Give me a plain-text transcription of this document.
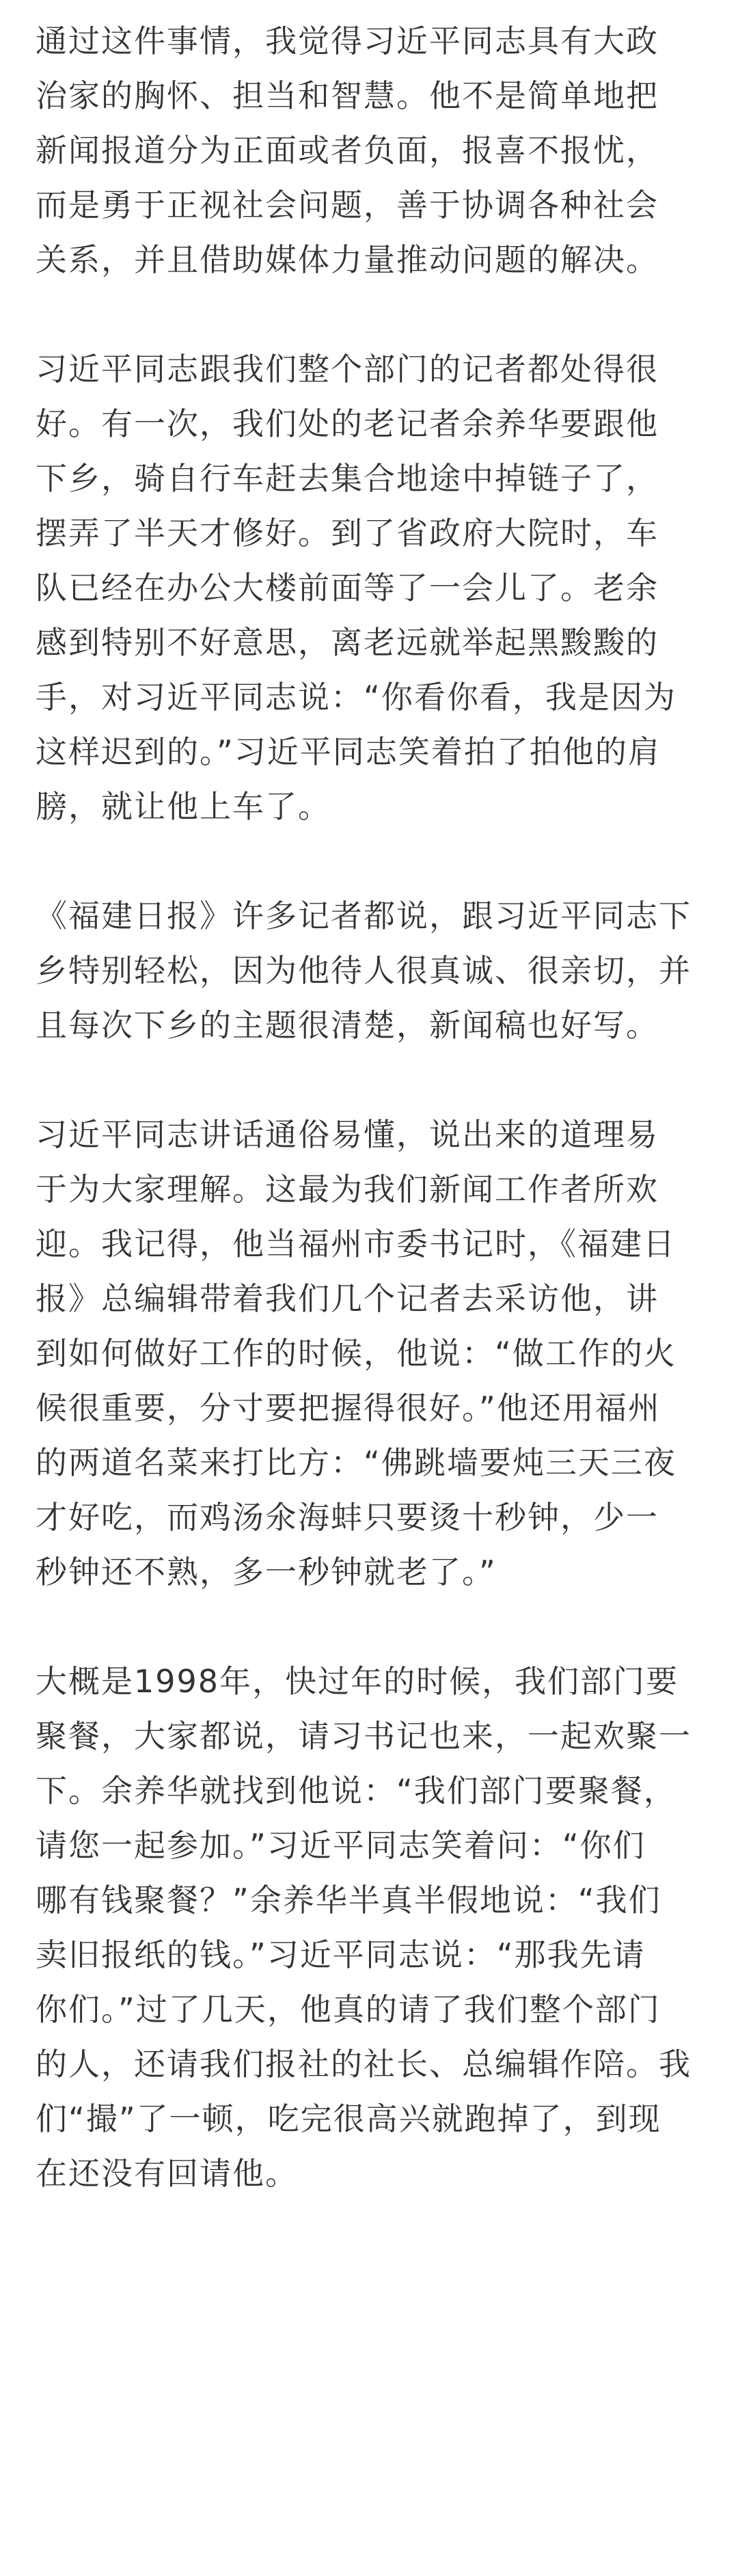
通过这件事情，我觉得习近平同志具有大政
治家的胸怀、担当和智慧。他不是简单地把
新闻报道分为正面或者负面，报喜不报忧，
而是勇于正视社会问题，善于协调各种社会
关系，并且借助媒体力量推动问题的解决。
习近平同志跟我们整个部门的记者都处得很
好。有一次，我们处的老记者余养华要跟他
下乡，骑自行车赶去集合地途中掉链子了，
摆弄了半天才修好。到了省政府大院时，车
队已经在办公大楼前面等了一会儿了。老余
感到特别不好意思，离老远就举起黑黢黢的
手，对习近平同志说：“你看你看，我是因为
这样迟到的。”习近平同志笑着拍了拍他的肩
膀，就让他上车了。
《福建日报》许多记者都说，跟习近平同志下
乡特别轻松，因为他待人很真诚、很亲切，并
且每次下乡的主题很清楚，新闻稿也好写。
习近平同志讲话通俗易懂，说出来的道理易
于为大家理解。这最为我们新闻工作者所欢
迎。我记得，他当福州市委书记时，《福建日
报》总编辑带着我们几个记者去采访他，讲
到如何做好工作的时候，他说：“做工作的火
候很重要，分寸要把握得很好。”他还用福州
的两道名菜来打比方：“佛跳墙要炖三天三夜
才好吃，而鸡汤氽海蚌只要烫十秒钟，少一
秒钟还不熟，多一秒钟就老了。”
大概是1998年，快过年的时候，我们部门要
聚餐，大家都说，请习书记也来，一起欢聚一
下。余养华就找到他说：“我们部门要聚餐，
请您一起参加。”习近平同志笑着问：“你们
哪有钱聚餐？”余养华半真半假地说：“我们
卖旧报纸的钱。”习近平同志说：“那我先请
你们。”过了几天，他真的请了我们整个部门
的人，还请我们报社的社长、总编辑作陪。我
们“撮”了一顿，吃完很高兴就跑掉了，到现
在还没有回请他。
